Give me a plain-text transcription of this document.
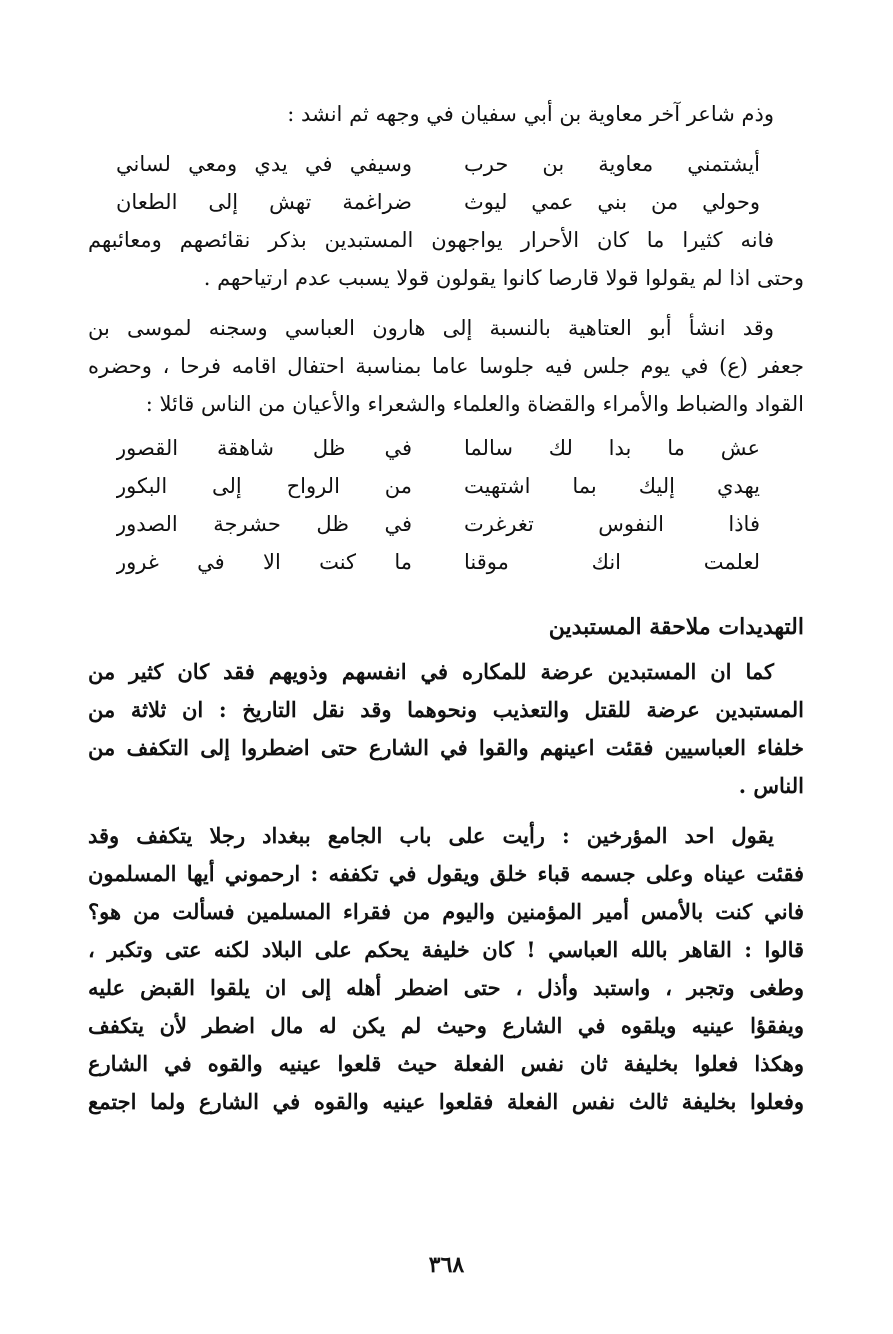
وذم شاعر آخر معاوية بن أبي سفيان في وجهه ثم انشد :
أيشتمني معاوية بن حرب
وسيفي في يدي ومعي لساني
وحولي من بني عمي ليوث
ضراغمة تهش إلى الطعان
فانه كثيرا ما كان الأحرار يواجهون المستبدين بذكر نقائصهم ومعائبهم
وحتى اذا لم يقولوا قولا قارصا كانوا يقولون قولا يسبب عدم ارتياحهم .
وقد انشأ أبو العتاهية بالنسبة إلى هارون العباسي وسجنه لموسى بن
جعفر (ع) في يوم جلس فيه جلوسا عاما بمناسبة احتفال اقامه فرحا ، وحضره
القواد والضباط والأمراء والقضاة والعلماء والشعراء والأعيان من الناس قائلا :
عش ما بدا لك سالما
في ظل شاهقة القصور
يهدي إليك بما اشتهيت
من الرواح إلى البكور
فاذا النفوس تغرغرت
في ظل حشرجة الصدور
لعلمت انك موقنا
ما كنت الا في غرور
التهديدات ملاحقة المستبدين
كما ان المستبدين عرضة للمكاره في انفسهم وذويهم فقد كان كثير من
المستبدين عرضة للقتل والتعذيب ونحوهما وقد نقل التاريخ : ان ثلاثة من
خلفاء العباسيين فقئت اعينهم والقوا في الشارع حتى اضطروا إلى التكفف من
الناس .
يقول احد المؤرخين : رأيت على باب الجامع ببغداد رجلا يتكفف وقد
فقئت عيناه وعلى جسمه قباء خلق ويقول في تكففه : ارحموني أيها المسلمون
فاني كنت بالأمس أمير المؤمنين واليوم من فقراء المسلمين فسألت من هو؟
قالوا : القاهر بالله العباسي ! كان خليفة يحكم على البلاد لكنه عتى وتكبر ،
وطغى وتجبر ، واستبد وأذل ، حتى اضطر أهله إلى ان يلقوا القبض عليه
ويفقؤا عينيه ويلقوه في الشارع وحيث لم يكن له مال اضطر لأن يتكفف
وهكذا فعلوا بخليفة ثان نفس الفعلة حيث قلعوا عينيه والقوه في الشارع
وفعلوا بخليفة ثالث نفس الفعلة فقلعوا عينيه والقوه في الشارع ولما اجتمع
٣٦٨
